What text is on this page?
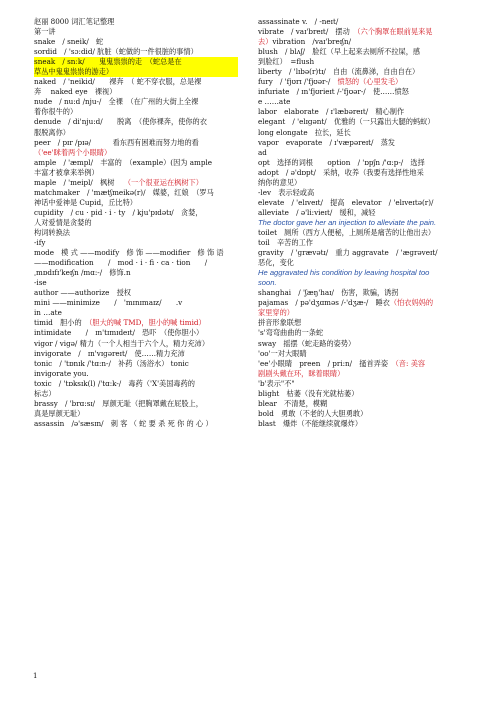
赵丽 8000 词汇笔记整理
第一讲
snake　/ sneik/　蛇
sordid　/ 'sɔ:did/ 肮脏（蛇做的一件很脏的事情）
sneak　/ snːk/　　鬼鬼祟祟的走　（蛇总是在
草丛中鬼鬼祟祟的游走）
naked　/ 'neikid/　　裸奔　（ 蛇不穿衣服，总是裸
奔　 naked eye　裸视）
nude　/ nu:d /nju-/　全裸　（在广州的大街上全裸
着你很牛的）
denude　/ di'nju:d/　　脱离　（使你裸奔，使你的衣
服脱离你）
peer　/ pɪr /pɪə/　　　看东西有困难而努力地的看
（'ee'眯着两个小眼睛）
ample　/ 'æmpl/　丰富的　（example）(因为 ample
丰富才被拿来举例）
maple　/ 'meipl/　枫树　 （一个很亚运在枫树下）
matchmaker　/ 'mætʃmeikə(r)/　媒婆，红娘　（罗马
神话中爱神是 Cupid，丘比特）
cupidity　/ cu · pid · i · ty　/ kju'pɪdətɪ/　贪婪，
人对爱情是贪婪的
构词转换法
-ify
mode　模 式 ——modify　修 饰 ——modifier　修 饰 语
——modification　　/　mod · i · fi · ca · tion　　/
ˌmɒdɪfɪ'keɪʃn /mɑ:-/　修饰.n
-ise
author ——authorize　授权
mini ——minimize　　/　'mɪnɪmaɪz/　　.v
in …ate
timid　胆小的　（胆大的喊 TMD，胆小的喊 timid）
intimidate　　/　ɪn'tɪmɪdeɪt/　恐吓　（使你胆小）
vigor / vigə/ 精力（一个人相当于六个人，精力充沛）
invigorate　/　ɪn'vɪɡəreɪt/　使……精力充沛
tonic　/ 'tɒnɪk /'tɑ:n-/　补药（汤浴水） tonic
invigorate you.
toxic　/ 'tɒksɪk(l) /'tɑ:k-/　毒药（'X'美国毒药的
标志）
brassy　/ 'brɑ:sɪ/　厚颜无耻（把胸罩戴在屁股上，
真是厚颜无耻）
assassin　/ə'sæsɪn/　刺 客 （ 蛇 要 杀 死 你 的 心 ）
assassinate v.　/ -neɪt/
vibrate　/ vaɪ'breɪt/　摆动　（六个胸罩在眼前晃来晃
去）vibration　/vaɪ'breɪʃn/
blush　/ blʌʃ/　脸红（早上起来去厕所不拉屎，感
到脸红）　=flush
liberty　/ 'lɪbə(r)tɪ/　自由（流鼻涕，自由自在）
fury　/ 'fjʊrɪ /'fjʊər-/　愤怒的（心里发毛）
infuriate　/ ɪn'fjʊrieɪt /-'fjʊər-/　使……愤怒
e ……ate
labor　elaborate　/ ɪ'læbəreɪt/　精心制作
elegant　/ 'elɪgənt/　优雅的（一只露出大腿的蚂蚁）
long elongate　拉长，延长
vapor　evaporate　/ ɪ'væpəreɪt/　蒸发
ad
opt　选择的词根　　option　/ 'ɒpʃn /'ɑ:p-/　选择
adopt　/ ə'dɒpt/　采纳，收养（我要有选择性地采
纳你的意见）
-lev　表示轻或高
elevate　/ 'elɪveɪt/　提高　elevator　/ 'elɪveɪtə(r)/
alleviate　/ ə'li:vieɪt/　缓和，减轻
The doctor gave her an injection to alleviate the pain.
toilet　厕所（西方人便秘，上厕所是痛苦的让他出去）
toil　辛苦的工作
gravity　/ 'ɡrævətɪ/　重力 aggravate　/ 'æɡrəveɪt/
恶化，变化
He aggravated his condition by leaving hospital too
soon.
shanghai　/ 'ʃæŋ'haɪ/　伤害，欺骗，诱拐
pajamas　/ pə'dʒɑməs /-'dʒæ-/　睡衣（怕衣妈妈的
家里穿的）
拼音形象联想
's'弯弯曲曲的一条蛇
sway　摇摆（蛇走路的姿势）
'oo'一对大眼睛
'ee'小眼睛　preen　/ pri:n/　搔首弄姿　（音: 美容
剧剧头戴在环，眯着眼睛）
'b'表示"不"
blight　枯萎（没有光就枯萎）
blear　不清楚，模糊
bold　勇敢（不老的人大胆勇敢）
blast　爆炸（不能继续就爆炸）
1
